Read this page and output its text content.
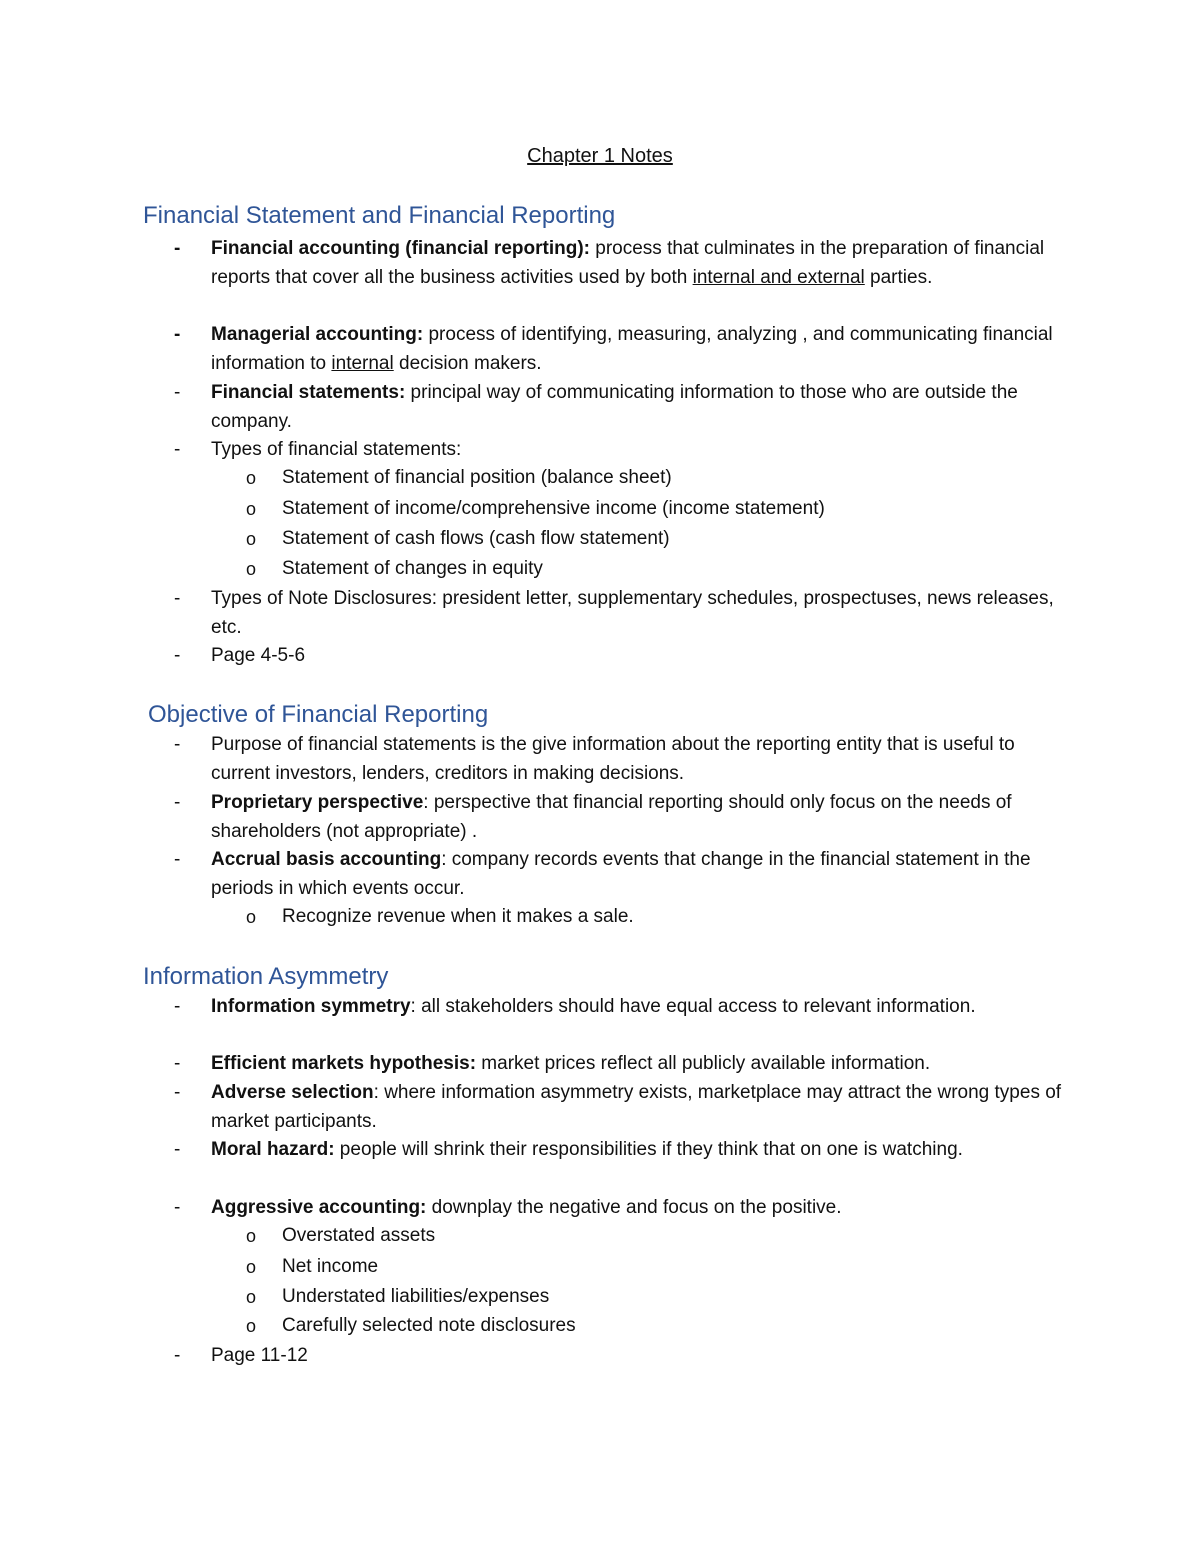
Chapter 1 Notes
Financial Statement and Financial Reporting
-	Financial accounting (financial reporting): process that culminates in the preparation of financial reports that cover all the business activities used by both internal and external parties.
-	Managerial accounting: process of identifying, measuring, analyzing , and communicating financial information to internal decision makers.
-	Financial statements: principal way of communicating information to those who are outside the company.
-	Types of financial statements:
o	Statement of financial position (balance sheet)
o	Statement of income/comprehensive income (income statement)
o	Statement of cash flows (cash flow statement)
o	Statement of changes in equity
-	Types of Note Disclosures: president letter, supplementary schedules, prospectuses, news releases, etc.
-	Page 4-5-6
Objective of Financial Reporting
-	Purpose of financial statements is the give information about the reporting entity that is useful to current investors, lenders, creditors in making decisions.
-	Proprietary perspective: perspective that financial reporting should only focus on the needs of shareholders (not appropriate) .
-	Accrual basis accounting: company records events that change in the financial statement in the periods in which events occur.
o	Recognize revenue when it makes a sale.
Information Asymmetry
-	Information symmetry: all stakeholders should have equal access to relevant information.
-	Efficient markets hypothesis: market prices reflect all publicly available information.
-	Adverse selection: where information asymmetry exists, marketplace may attract the wrong types of market participants.
-	Moral hazard: people will shrink their responsibilities if they think that on one is watching.
-	Aggressive accounting: downplay the negative and focus on the positive.
o	Overstated assets
o	Net income
o	Understated liabilities/expenses
o	Carefully selected note disclosures
-	Page 11-12
